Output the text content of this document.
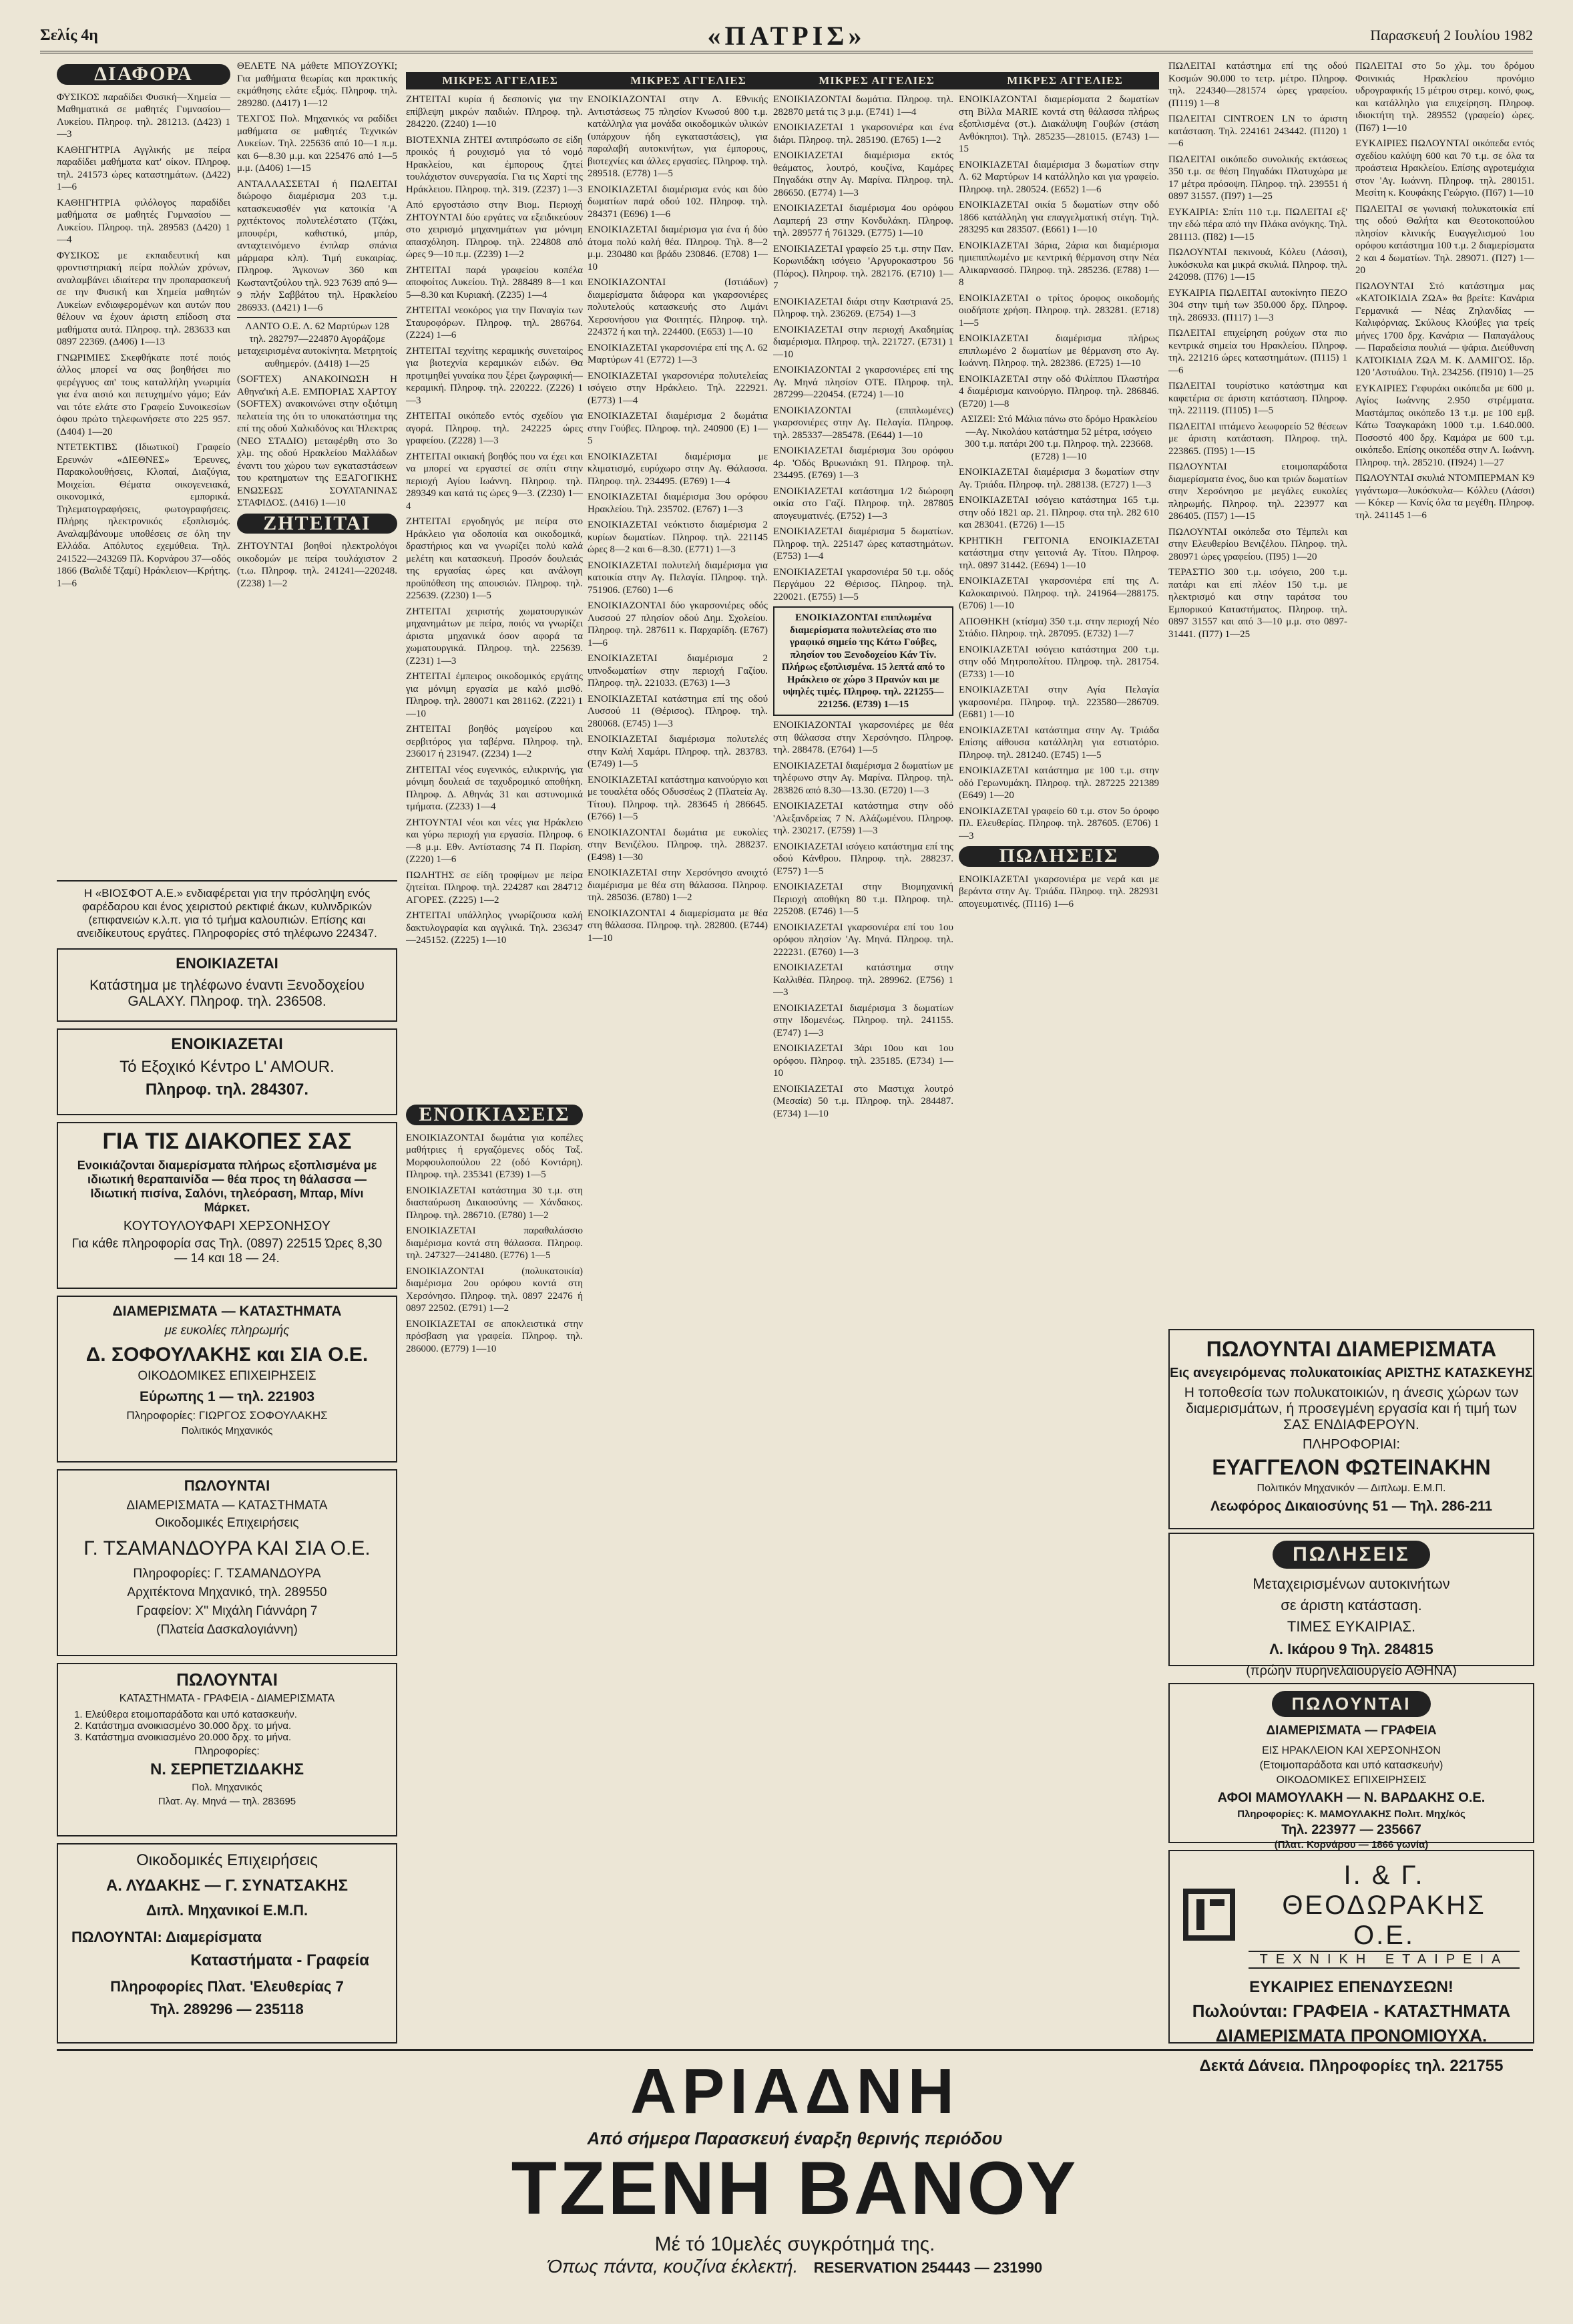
Σελίς 4η	«ΠΑΤΡΙΣ»	Παρασκευή 2 Ιουλίου 1982
ΜΙΚΡΕΣ ΑΓΓΕΛΙΕΣ	ΜΙΚΡΕΣ ΑΓΓΕΛΙΕΣ	ΜΙΚΡΕΣ ΑΓΓΕΛΙΕΣ	ΜΙΚΡΕΣ ΑΓΓΕΛΙΕΣ
ΔΙΑΦΟΡΑ

ΦΥΣΙΚΟΣ παραδίδει Φυσική—Χημεία —Μαθηματικά σε μαθητές Γυμνασίου—Λυκείου. Πληροφ. τηλ. 281213. (Δ423) 1—3

ΚΑΘΗΓΗΤΡΙΑ Αγγλικής με πείρα παραδίδει μαθήματα κατ' οίκον. Πληροφ. τηλ. 241573 ώρες καταστημάτων. (Δ422) 1—6

ΚΑΘΗΓΗΤΡΙΑ φιλόλογος παραδίδει μαθήματα σε μαθητές Γυμνασίου —Λυκείου. Πληροφ. τηλ. 289583 (Δ420) 1—4

ΦΥΣΙΚΟΣ με εκπαιδευτική και φροντιστηριακή πείρα πολλών χρόνων, αναλαμβάνει ιδιαίτερα την προπαρασκευή σε την Φυσική και Χημεία μαθητών Λυκείων ενδιαφερομένων και αυτών που θέλουν να έχουν άριστη επίδοση στα μαθήματα αυτά. Πληροφ. τηλ. 283633 και 0897 22369. (Δ406) 1—13

ΓΝΩΡΙΜΙΕΣ Σκεφθήκατε ποτέ ποιός άλλος μπορεί να σας βοηθήσει πιο φερέγγυος απ' τους καταλλήλη γνωριμία για ένα αισιό και πετυχημένο γάμο; Εάν ναι τότε ελάτε στο Γραφείο Συνοικεσίων όφου πρώτο τηλεφωνήσετε στο 225 957. (Δ404) 1—20

ΝΤΕΤΕΚΤΙΒΣ (Ιδιωτικοί) Γραφείο Ερευνών «ΔΙΕΘΝΕΣ» Έρευνες, Παρακολουθήσεις, Κλοπαί, Διαζύγια, Μοιχείαι. Θέματα οικογενειακά, οικονομικά, εμπορικά. Τηλεματογραφήσεις, φωτογραφήσεις. Πλήρης ηλεκτρονικός εξοπλισμός. Αναλαμβάνουμε υποθέσεις σε όλη την Ελλάδα. Απόλυτος εχεμύθεια. Τηλ. 241522—243269 Πλ. Κορνάρου 37—οδός 1866 (Βαλιδέ Τζαμί) Ηράκλειον—Κρήτης. 1—6

ΘΕΛΕΤΕ ΝΑ μάθετε ΜΠΟΥΖΟΥΚΙ; Για μαθήματα θεωρίας και πρακτικής εκμάθησης ελάτε εξμάς. Πληροφ. τηλ. 289280. (Δ417) 1—12

ΤΕΧΓΟΣ Πολ. Μηχανικός να ραδίδει μαθήματα σε μαθητές Τεχνικών Λυκείων. Τηλ. 225636 από 10—1 π.μ. και 6—8.30 μ.μ. και 225476 από 1—5 μ.μ. (Δ406) 1—15

ΑΝΤΑΛΛΑΣΣΕΤΑΙ ή ΠΩΛΕΙΤΑΙ διώροφο διαμέρισμα 203 τ.μ. κατασκευασθέν για κατοικία 'Α ρχιτέκτονος πολυτελέστατο (Τζάκι, μπουφέρι, καθιστικό, μπάρ, ανταχτεινόμενο ένπλαρ σπάνια μάρμαρα κλπ). Τιμή ευκαιρίας. Πληροφ. Άγκονων 360 και Κωσταντζούλου τηλ. 923 7639 από 9—9 πλήν Σαββάτου τηλ. Ηρακλείου 286933. (Δ421) 1—6

ΛΑΝΤΟ Ο.Ε. Λ. 62 Μαρτύρων 128 τηλ. 282797—224870 Αγοράζομε μεταχειρισμένα αυτοκίνητα. Μετρητοίς αυθημερόν. (Δ418) 1—25

(SOFTEX) ΑΝΑΚΟΙΝΩΣΗ Η Αθηνα'ική Α.Ε. ΕΜΠΟΡΙΑΣ ΧΑΡΤΟΥ (SOFTEX) ανακοινώνει στην οξιότιμη πελατεία της ότι το υποκατάστημα της επί της οδού Χαλκιδόνος και Ήλεκτρας (ΝΕΟ ΣΤΑΔΙΟ) μεταφέρθη στο 3ο χλμ. της οδού Ηρακλείου Μαλλάδων έναντι του χώρου των εγκαταστάσεων του κρατηματων της ΕΞΑΓΟΓΙΚΗΣ ΕΝΩΣΕΩΣ ΣΟΥΛΤΑΝΙΝΑΣ ΣΤΑΦΙΔΟΣ. (Δ416) 1—10

ΖΗΤΕΙΤΑΙ

ΖΗΤΟΥΝΤΑΙ βοηθοί ηλεκτρολόγοι οικοδομών με πείρα τουλάχιστον 2 (τ.ω. Πληροφ. τηλ. 241241—220248. (Z238) 1—2

Η «ΒΙΟΣΦΟΤ Α.Ε.» ενδιαφέρεται για την πρόσληψη ενός φαρέδαρου και ένος χειριστού ρεκτιφιέ άκων, κυλινδρικών (επιφανειών κ.λ.π. για τό τμήμα καλουπιών. Επίσης και ανειδίκευτους εργάτες. Πληροφορίες στό τηλέφωνο 224347.
ΕΝΟΙΚΙΑΖΕΤΑΙ
Κατάστημα με τηλέφωνο έναντι Ξενοδοχείου GALAXY. Πληροφ. τηλ. 236508.
ΕΝΟΙΚΙΑΖΕΤΑΙ
Τό Εξοχικό Κέντρο L' AMOUR.
Πληροφ. τηλ. 284307.
ΓΙΑ ΤΙΣ ΔΙΑΚΟΠΕΣ ΣΑΣ
Ενοικιάζονται διαμερίσματα πλήρως εξοπλισμένα με ιδιωτική θεραπαινίδα — θέα προς τη θάλασσα — Ιδιωτική πισίνα, Σαλόνι, τηλεόραση, Μπαρ, Μίνι Μάρκετ.
ΚΟΥΤΟΥΛΟΥΦΑΡΙ ΧΕΡΣΟΝΗΣΟΥ
Για κάθε πληροφορία σας Τηλ. (0897) 22515 Ώρες 8,30 — 14 και 18 — 24.
ΔΙΑΜΕΡΙΣΜΑΤΑ — ΚΑΤΑΣΤΗΜΑΤΑ
με ευκολίες πληρωμής
Δ. ΣΟΦΟΥΛΑΚΗΣ και ΣΙΑ Ο.Ε.
ΟΙΚΟΔΟΜΙΚΕΣ ΕΠΙΧΕΙΡΗΣΕΙΣ
Εύρωπης 1 — τηλ. 221903
Πληροφορίες: ΓΙΩΡΓΟΣ ΣΟΦΟΥΛΑΚΗΣ
Πολιτικός Μηχανικός
ΠΩΛΟΥΝΤΑΙ
ΔΙΑΜΕΡΙΣΜΑΤΑ — ΚΑΤΑΣΤΗΜΑΤΑ
Οικοδομικές Επιχειρήσεις
Γ. ΤΣΑΜΑΝΔΟΥΡΑ ΚΑΙ ΣΙΑ Ο.Ε.
Πληροφορίες: Γ. ΤΣΑΜΑΝΔΟΥΡΑ
Αρχιτέκτονα Μηχανικό, τηλ. 289550
Γραφείον: Χ'' Μιχάλη Γιάννάρη 7
(Πλατεία Δασκαλογιάννη)
ΠΩΛΟΥΝΤΑΙ
ΚΑΤΑΣΤΗΜΑΤΑ - ΓΡΑΦΕΙΑ - ΔΙΑΜΕΡΙΣΜΑΤΑ
1. Ελεύθερα ετοιμοπαράδοτα και υπό κατασκευήν.
2. Κατάστημα ανοικιασμένο 30.000 δρχ. το μήνα.
3. Κατάστημα ανοικιασμένο 20.000 δρχ. το μήνα.
Πληροφορίες:
Ν. ΣΕΡΠΕΤΖΙΔΑΚΗΣ
Πολ. Μηχανικός
Πλατ. Αγ. Μηνά — τηλ. 283695
Οικοδομικές Επιχειρήσεις
Α. ΛΥΔΑΚΗΣ — Γ. ΣΥΝΑΤΣΑΚΗΣ
Διπλ. Μηχανικοί Ε.Μ.Π.
ΠΩΛΟΥΝΤΑΙ: Διαμερίσματα
Καταστήματα - Γραφεία
Πληροφορίες Πλατ. 'Ελευθερίας 7
Τηλ. 289296 — 235118

ΖΗΤΕΙΤΑΙ κυρία ή δεσποινίς για την επίβλεψη μικρών παιδιών. Πληροφ. τηλ. 284220. (Z240) 1—10

ΒΙΟΤΕΧΝΙΑ ΖΗΤΕΙ αντιπρόσωπο σε είδη προικός ή ρουχισμό για τό νομό Ηρακλείου, και έμπορους ζητεί τουλάχιστον συνεργασία. Για τις Χαρτί της Ηράκλειου. Πληροφ. τηλ. 319. (Z237) 1—3

Από εργοστάσιο στην Βιομ. Περιοχή ΖΗΤΟΥΝΤΑΙ δύο εργάτες να εξειδικεύουν στο χειρισμό μηχανημάτων για μόνιμη απασχόληση. Πληροφ. τηλ. 224808 από ώρες 9—10 π.μ. (Z239) 1—2

ΖΗΤΕΙΤΑΙ παρά γραφείου κοπέλα αποφοίτος Λυκείου. Τηλ. 288489 8—1 και 5—8.30 και Κυριακή. (Z235) 1—4

ΖΗΤΕΙΤΑΙ νεοκόρος για την Παναγία των Σταυροφόρων. Πληροφ. τηλ. 286764. (Z224) 1—6

ΖΗΤΕΙΤΑΙ τεχνίτης κεραμικής συνεταίρος για βιοτεχνία κεραμικών ειδών. Θα προτιμηθεί γυναίκα που ξέρει ζωγραφική—κεραμική. Πληροφ. τηλ. 220222. (Z226) 1—3

ΖΗΤΕΙΤΑΙ οικόπεδο εντός σχεδίου για αγορά. Πληροφ. τηλ. 242225 ώρες γραφείου. (Z228) 1—3

ΖΗΤΕΙΤΑΙ οικιακή βοηθός που να έχει και να μπορεί να εργαστεί σε σπίτι στην περιοχή Αγίου Ιωάννη. Πληροφ. τηλ. 289349 και κατά τις ώρες 9—3. (Z230) 1—4

ΖΗΤΕΙΤΑΙ εργοδηγός με πείρα στο Ηράκλειο για οδοποιία και οικοδομικά, δραστήριος και να γνωρίζει πολύ καλά μελέτη και κατασκευή. Προσόν δουλειάς της εργασίας ώρες και ανάλογη προϋπόθεση της απουσιών. Πληροφ. τηλ. 225639. (Z230) 1—5

ΖΗΤΕΙΤΑΙ χειριστής χωματουργικών μηχανημάτων με πείρα, ποιός να γνωρίζει άριστα μηχανικά όσον αφορά τα χωματουργικά. Πληροφ. τηλ. 225639. (Z231) 1—3

ΖΗΤΕΙΤΑΙ έμπειρος οικοδομικός εργάτης για μόνιμη εργασία με καλό μισθό. Πληροφ. τηλ. 280071 και 281162. (Z221) 1—10

ΖΗΤΕΙΤΑΙ βοηθός μαγείρου και σερβιτόρος για ταβέρνα. Πληροφ. τηλ. 236017 ή 231947. (Z234) 1—2

ΖΗΤΕΙΤΑΙ νέος ευγενικός, ειλικρινής, για μόνιμη δουλειά σε ταχυδρομικό αποθήκη. Πληροφ. Δ. Αθηνάς 31 και αστυνομικά τμήματα. (Z233) 1—4

ΖΗΤΟΥΝΤΑΙ νέοι και νέες για Ηράκλειο και γύρω περιοχή για εργασία. Πληροφ. 6—8 μ.μ. Εθν. Αντίστασης 74 Π. Παρίση. (Z220) 1—6

ΠΩΛΗΤΗΣ σε είδη τροφίμων με πείρα ζητείται. Πληροφ. τηλ. 224287 και 284712 ΑΓΟΡΕΣ. (Z225) 1—2

ΖΗΤΕΙΤΑΙ υπάλληλος γνωρίζουσα καλή δακτυλογραφία και αγγλικά. Τηλ. 236347—245152. (Z225) 1—10

ΕΝΟΙΚΙΑΣΕΙΣ

ΕΝΟΙΚΙΑΖΟΝΤΑΙ δωμάτια για κοπέλες μαθήτριες ή εργαζόμενες οδός Ταξ. Μορφουλοπούλου 22 (οδό Κοντάρη). Πληροφ. τηλ. 235341 (Ε739) 1—5

ΕΝΟΙΚΙΑΖΕΤΑΙ κατάστημα 30 τ.μ. στη διασταύρωση Δικαιοσύνης — Χάνδακος. Πληροφ. τηλ. 286710. (Ε780) 1—2

ΕΝΟΙΚΙΑΖΕΤΑΙ παραθαλάσσιο διαμέρισμα κοντά στη θάλασσα. Πληροφ. τηλ. 247327—241480. (Ε776) 1—5

ΕΝΟΙΚΙΑΖΟΝΤΑΙ (πολυκατοικία) διαμέρισμα 2ου ορόφου κοντά στη Χερσόνησο. Πληροφ. τηλ. 0897 22476 ή 0897 22502. (Ε791) 1—2

ΕΝΟΙΚΙΑΖΕΤΑΙ σε αποκλειστικά στην πρόσβαση για γραφεία. Πληροφ. τηλ. 286000. (Ε779) 1—10

ΕΝΟΙΚΙΑΖΟΝΤΑΙ στην Λ. Εθνικής Αντιστάσεως 75 πλησίον Κνωσού 800 τ.μ. κατάλληλα για μονάδα οικοδομικών υλικών (υπάρχουν ήδη εγκαταστάσεις), για παραλαβή αυτοκινήτων, για έμπορους, βιοτεχνίες και άλλες εργασίες. Πληροφ. τηλ. 289518. (Ε778) 1—5

ΕΝΟΙΚΙΑΖΕΤΑΙ διαμέρισμα ενός και δύο δωματίων παρά οδού 102. Πληροφ. τηλ. 284371 (Ε696) 1—6

ΕΝΟΙΚΙΑΖΕΤΑΙ διαμέρισμα για ένα ή δύο άτομα πολύ καλή θέα. Πληροφ. Τηλ. 8—2 μ.μ. 230480 και βράδυ 230846. (Ε708) 1—10

ΕΝΟΙΚΙΑΖΟΝΤΑΙ (Ιστιάδων) διαμερίσματα διάφορα και γκαρσονιέρες πολυτελούς κατασκευής στο Λιμάνι Χερσονήσου για Φοιτητές. Πληροφ. τηλ. 224372 ή και τηλ. 224400. (Ε653) 1—10

ΕΝΟΙΚΙΑΖΕΤΑΙ γκαρσονιέρα επί της Λ. 62 Μαρτύρων 41 (Ε772) 1—3

ΕΝΟΙΚΙΑΖΕΤΑΙ γκαρσονιέρα πολυτελείας ισόγειο στην Ηράκλειο. Τηλ. 222921. (Ε773) 1—4

ΕΝΟΙΚΙΑΖΕΤΑΙ διαμέρισμα 2 δωμάτια στην Γούβες. Πληροφ. τηλ. 240900 (Ε) 1—5

ΕΝΟΙΚΙΑΖΕΤΑΙ διαμέρισμα με κλιματισμό, ευρύχωρο στην Αγ. Θάλασσα. Πληροφ. τηλ. 234495. (Ε769) 1—4

ΕΝΟΙΚΙΑΖΕΤΑΙ διαμέρισμα 3ου ορόφου Ηρακλείου. Τηλ. 235702. (Ε767) 1—3

ΕΝΟΙΚΙΑΖΕΤΑΙ νεόκτιστο διαμέρισμα 2 κυρίων δωματίων. Πληροφ. τηλ. 221145 ώρες 8—2 και 6—8.30. (Ε771) 1—3

ΕΝΟΙΚΙΑΖΕΤΑΙ πολυτελή διαμέρισμα για κατοικία στην Αγ. Πελαγία. Πληροφ. τηλ. 751906. (Ε760) 1—6

ΕΝΟΙΚΙΑΖΟΝΤΑΙ δύο γκαρσονιέρες οδός Λυσσού 27 πλησίον οδού Δημ. Σχολείου. Πληροφ. τηλ. 287611 κ. Παρχαρίδη. (Ε767) 1—6

ΕΝΟΙΚΙΑΖΕΤΑΙ διαμέρισμα 2 υπνοδωματίων στην περιοχή Γαζίου. Πληροφ. τηλ. 221033. (Ε763) 1—3

ΕΝΟΙΚΙΑΖΕΤΑΙ κατάστημα επί της οδού Λυσσού 11 (Θέρισος). Πληροφ. τηλ. 280068. (Ε745) 1—3

ΕΝΟΙΚΙΑΖΕΤΑΙ διαμέρισμα πολυτελές στην Καλή Χαμάρι. Πληροφ. τηλ. 283783. (Ε749) 1—5

ΕΝΟΙΚΙΑΖΕΤΑΙ κατάστημα καινούργιο και με τουαλέτα οδός Οδυσσέως 2 (Πλατεία Αγ. Τίτου). Πληροφ. τηλ. 283645 ή 286645. (Ε766) 1—5

ΕΝΟΙΚΙΑΖΟΝΤΑΙ δωμάτια με ευκολίες στην Βενιζέλου. Πληροφ. τηλ. 288237. (Ε498) 1—30

ΕΝΟΙΚΙΑΖΕΤΑΙ στην Χερσόνησο ανοιχτό διαμέρισμα με θέα στη θάλασσα. Πληροφ. τηλ. 285036. (Ε780) 1—2

ΕΝΟΙΚΙΑΖΟΝΤΑΙ 4 διαμερίσματα με θέα στη θάλασσα. Πληροφ. τηλ. 282800. (Ε744) 1—10

ΕΝΟΙΚΙΑΖΟΝΤΑΙ δωμάτια. Πληροφ. τηλ. 282870 μετά τις 3 μ.μ. (Ε741) 1—4

ΕΝΟΙΚΙΑΖΕΤΑΙ 1 γκαρσονιέρα και ένα διάρι. Πληροφ. τηλ. 285190. (Ε765) 1—2

ΕΝΟΙΚΙΑΖΕΤΑΙ διαμέρισμα εκτός θεάματος, λουτρό, κουζίνα, Καμάρες Πηγαδάκι στην Αγ. Μαρίνα. Πληροφ. τηλ. 286650. (Ε774) 1—3

ΕΝΟΙΚΙΑΖΕΤΑΙ διαμέρισμα 4ου ορόφου Λαμπερή 23 στην Κονδυλάκη. Πληροφ. τηλ. 289577 ή 761329. (Ε775) 1—10

ΕΝΟΙΚΙΑΖΕΤΑΙ γραφείο 25 τ.μ. στην Παν. Κορωνιδάκη ισόγειο 'Αργυροκαστρου 56 (Πάρος). Πληροφ. τηλ. 282176. (Ε710) 1—7

ΕΝΟΙΚΙΑΖΕΤΑΙ διάρι στην Καστριανά 25. Πληροφ. τηλ. 236269. (Ε754) 1—3

ΕΝΟΙΚΙΑΖΕΤΑΙ στην περιοχή Ακαδημίας διαμέρισμα. Πληροφ. τηλ. 221727. (Ε731) 1—10

ΕΝΟΙΚΙΑΖΟΝΤΑΙ 2 γκαρσονιέρες επί της Αγ. Μηνά πλησίον ΟΤΕ. Πληροφ. τηλ. 287299—220454. (Ε724) 1—10

ΕΝΟΙΚΙΑΖΟΝΤΑΙ (επιπλωμένες) γκαρσονιέρες στην Αγ. Πελαγία. Πληροφ. τηλ. 285337—285478. (Ε644) 1—10

ΕΝΟΙΚΙΑΖΕΤΑΙ διαμέρισμα 3ου ορόφου 4ρ. 'Οδός Βρυωνιάκη 91. Πληροφ. τηλ. 234495. (Ε769) 1—3

ΕΝΟΙΚΙΑΖΕΤΑΙ κατάστημα 1/2 διώροφη οικία στο Γαζί. Πληροφ. τηλ. 287805 απογευματινές. (Ε752) 1—3

ΕΝΟΙΚΙΑΖΕΤΑΙ διαμέρισμα 5 δωματίων. Πληροφ. τηλ. 225147 ώρες καταστημάτων. (Ε753) 1—4

ΕΝΟΙΚΙΑΖΕΤΑΙ γκαρσονιέρα 50 τ.μ. οδός Περγάμου 22 Θέρισος. Πληροφ. τηλ. 220021. (Ε755) 1—5

ΕΝΟΙΚΙΑΖΟΝΤΑΙ επιπλωμένα διαμερίσματα πολυτελείας στο πιο γραφικό σημείο της Κάτω Γούβες, πλησίον του Ξενοδοχείου Κάν Τίν. Πλήρως εξοπλισμένα. 15 λεπτά από το Ηράκλειο σε χώρο 3 Πρανών και με υψηλές τιμές. Πληροφ. τηλ. 221255—221256. (Ε739) 1—15

ΕΝΟΙΚΙΑΖΟΝΤΑΙ γκαρσονιέρες με θέα στη θάλασσα στην Χερσόνησο. Πληροφ. τηλ. 288478. (Ε764) 1—5

ΕΝΟΙΚΙΑΖΕΤΑΙ διαμέρισμα 2 δωματίων με τηλέφωνο στην Αγ. Μαρίνα. Πληροφ. τηλ. 283826 από 8.30—13.30. (Ε720) 1—3

ΕΝΟΙΚΙΑΖΕΤΑΙ κατάστημα στην οδό 'Αλεξανδρείας 7 Ν. Αλάζωμένου. Πληροφ. τηλ. 230217. (Ε759) 1—3

ΕΝΟΙΚΙΑΖΕΤΑΙ ισόγειο κατάστημα επί της οδού Κάνθρου. Πληροφ. τηλ. 288237. (Ε757) 1—5

ΕΝΟΙΚΙΑΖΕΤΑΙ στην Βιομηχανική Περιοχή αποθήκη 80 τ.μ. Πληροφ. τηλ. 225208. (Ε746) 1—5

ΕΝΟΙΚΙΑΖΕΤΑΙ γκαρσονιέρα επί του 1ου ορόφου πλησίον 'Αγ. Μηνά. Πληροφ. τηλ. 222231. (Ε760) 1—3

ΕΝΟΙΚΙΑΖΕΤΑΙ κατάστημα στην Καλλιθέα. Πληροφ. τηλ. 289962. (Ε756) 1—3

ΕΝΟΙΚΙΑΖΕΤΑΙ διαμέρισμα 3 δωματίων στην Ιδομενέως. Πληροφ. τηλ. 241155. (Ε747) 1—3

ΕΝΟΙΚΙΑΖΕΤΑΙ 3άρι 10ου και 1ου ορόφου. Πληροφ. τηλ. 235185. (Ε734) 1—10

ΕΝΟΙΚΙΑΖΕΤΑΙ στο Μαστιχα λουτρό (Μεσαία) 50 τ.μ. Πληροφ. τηλ. 284487. (Ε734) 1—10

ΕΝΟΙΚΙΑΖΟΝΤΑΙ διαμερίσματα 2 δωματίων στη Βίλλα MARIE κοντά στη θάλασσα πλήρως εξοπλισμένα (στ.). Διακάλυψη Γουβών (στάση Ανθόκηποι). Τηλ. 285235—281015. (Ε743) 1—15

ΕΝΟΙΚΙΑΖΕΤΑΙ διαμέρισμα 3 δωματίων στην Λ. 62 Μαρτύρων 14 κατάλληλο και για γραφείο. Πληροφ. τηλ. 280524. (Ε652) 1—6

ΕΝΟΙΚΙΑΖΕΤΑΙ οικία 5 δωματίων στην οδό 1866 κατάλληλη για επαγγελματική στέγη. Τηλ. 283295 και 283507. (Ε661) 1—10

ΕΝΟΙΚΙΑΖΕΤΑΙ 3άρια, 2άρια και διαμέρισμα ημιεπιπλωμένο με κεντρική θέρμανση στην Νέα Αλικαρνασσό. Πληροφ. τηλ. 285236. (Ε788) 1—8

ΕΝΟΙΚΙΑΖΕΤΑΙ ο τρίτος όροφος οικοδομής οιοδήποτε χρήση. Πληροφ. τηλ. 283281. (Ε718) 1—5

ΕΝΟΙΚΙΑΖΕΤΑΙ διαμέρισμα πλήρως επιπλωμένο 2 δωματίων με θέρμανση στο Αγ. Ιωάννη. Πληροφ. τηλ. 282386. (Ε725) 1—10

ΕΝΟΙΚΙΑΖΕΤΑΙ στην οδό Φιλίππου Πλαστήρα 4 διαμέρισμα καινούργιο. Πληροφ. τηλ. 286846. (Ε720) 1—8

ΑΣΙΖΕΙ: Στό Μάλια πάνω στο δρόμο Ηρακλείου—Αγ. Νικολάου κατάστημα 52 μέτρα, ισόγειο 300 τ.μ. πατάρι 200 τ.μ. Πληροφ. τηλ. 223668. (Ε728) 1—10

ΕΝΟΙΚΙΑΖΕΤΑΙ διαμέρισμα 3 δωματίων στην Αγ. Τριάδα. Πληροφ. τηλ. 288138. (Ε727) 1—3

ΕΝΟΙΚΙΑΖΕΤΑΙ ισόγειο κατάστημα 165 τ.μ. στην οδό 1821 αρ. 21. Πληροφ. στα τηλ. 282 610 και 283041. (Ε726) 1—15

ΚΡΗΤΙΚΗ ΓΕΙΤΟΝΙΑ ΕΝΟΙΚΙΑΖΕΤΑΙ κατάστημα στην γειτονιά Αγ. Τίτου. Πληροφ. τηλ. 0897 31442. (Ε694) 1—10

ΕΝΟΙΚΙΑΖΕΤΑΙ γκαρσονιέρα επί της Λ. Καλοκαιρινού. Πληροφ. τηλ. 241964—288175. (Ε706) 1—10

ΑΠΟΘΗΚΗ (κτίσμα) 350 τ.μ. στην περιοχή Νέο Στάδιο. Πληροφ. τηλ. 287095. (Ε732) 1—7

ΕΝΟΙΚΙΑΖΕΤΑΙ ισόγειο κατάστημα 200 τ.μ. στην οδό Μητροπολίτου. Πληροφ. τηλ. 281754. (Ε733) 1—10

ΕΝΟΙΚΙΑΖΕΤΑΙ στην Αγία Πελαγία γκαρσονιέρα. Πληροφ. τηλ. 223580—286709. (Ε681) 1—10

ΕΝΟΙΚΙΑΖΕΤΑΙ κατάστημα στην Αγ. Τριάδα Επίσης αίθουσα κατάλληλη για εστιατόριο. Πληροφ. τηλ. 281240. (Ε745) 1—5

ΕΝΟΙΚΙΑΖΕΤΑΙ κατάστημα με 100 τ.μ. στην οδό Γερωνυμάκη. Πληροφ. τηλ. 287225 221389 (Ε649) 1—20

ΕΝΟΙΚΙΑΖΕΤΑΙ γραφείο 60 τ.μ. στον 5ο όροφο Πλ. Ελευθερίας. Πληροφ. τηλ. 287605. (Ε706) 1—3

ΠΩΛΗΣΕΙΣ

ΕΝΟΙΚΙΑΖΕΤΑΙ γκαρσονιέρα με νερά και με βεράντα στην Αγ. Τριάδα. Πληροφ. τηλ. 282931 απογευματινές. (Π116) 1—6

ΠΩΛΕΙΤΑΙ κατάστημα επί της οδού Κοσμών 90.000 το τετρ. μέτρο. Πληροφ. τηλ. 224340—281574 ώρες γραφείου. (Π119) 1—8

ΠΩΛΕΙΤΑΙ CINTROEN LN το άριστη κατάσταση. Τηλ. 224161 243442. (Π120) 1—6

ΠΩΛΕΙΤΑΙ οικόπεδο συνολικής εκτάσεως 350 τ.μ. σε θέση Πηγαδάκι Πλατυχώρα με 17 μέτρα πρόσοψη. Πληροφ. τηλ. 239551 ή 0897 31557. (Π97) 1—25

ΕΥΚΑΙΡΙΑ: Σπίτι 110 τ.μ. ΠΩΛΕΙΤΑΙ εξ' την εδώ πέρα από την Πλάκα ανόγκης. Τηλ. 281113. (Π82) 1—15

ΠΩΛΟΥΝΤΑΙ πεκινουά, Κόλευ (Λάσσι), λυκόσκυλα και μικρά σκυλιά. Πληροφ. τηλ. 242098. (Π76) 1—15

ΕΥΚΑΙΡΙΑ ΠΩΛΕΙΤΑΙ αυτοκίνητο ΠΕΖΟ 304 στην τιμή των 350.000 δρχ. Πληροφ. τηλ. 286933. (Π117) 1—3

ΠΩΛΕΙΤΑΙ επιχείρηση ρούχων στα πιο κεντρικά σημεία του Ηρακλείου. Πληροφ. τηλ. 221216 ώρες καταστημάτων. (Π115) 1—6

ΠΩΛΕΙΤΑΙ τουρίστικο κατάστημα και καφετέρια σε άριστη κατάσταση. Πληροφ. τηλ. 221119. (Π105) 1—5

ΠΩΛΕΙΤΑΙ ιπτάμενο λεωφορείο 52 θέσεων με άριστη κατάσταση. Πληροφ. τηλ. 223865. (Π95) 1—15

ΠΩΛΟΥΝΤΑΙ ετοιμοπαράδοτα διαμερίσματα ένος, δυο και τριών δωματίων στην Χερσόνησο με μεγάλες ευκολίες πληρωμής. Πληροφ. τηλ. 223977 και 286405. (Π57) 1—15

ΠΩΛΟΥΝΤΑΙ οικόπεδα στο Τέμπελι και στην Ελευθερίου Βενιζέλου. Πληροφ. τηλ. 280971 ώρες γραφείου. (Π95) 1—20

ΤΕΡΑΣΤΙΟ 300 τ.μ. ισόγειο, 200 τ.μ. πατάρι και επί πλέον 150 τ.μ. με ηλεκτρισμό και στην ταράτσα του Εμπορικού Καταστήματος. Πληροφ. τηλ. 0897 31557 και από 3—10 μ.μ. στο 0897-31441. (Π77) 1—25

ΠΩΛΕΙΤΑΙ στο 5ο χλμ. του δρόμου Φοινικιάς Ηρακλείου προνόμιο υδρογραφικής 15 μέτρου στρεμ. κοινό, φως, και κατάλληλο για επιχείρηση. Πληροφ. ιδιοκτήτη τηλ. 289552 (γραφείο) ώρες. (Π67) 1—10

ΕΥΚΑΙΡΙΕΣ ΠΩΛΟΥΝΤΑΙ οικόπεδα εντός σχεδίου καλύψη 600 και 70 τ.μ. σε όλα τα προάστεια Ηρακλείου. Επίσης αγροτεμάχια στον 'Αγ. Ιωάννη. Πληροφ. τηλ. 280151. Μεσίτη κ. Κουφάκης Γεώργιο. (Π67) 1—10

ΠΩΛΕΙΤΑΙ σε γωνιακή πολυκατοικία επί της οδού Θαλήτα και Θεοτοκοπούλου πλησίον κλινικής Ευαγγελισμού 1ου ορόφου κατάστημα 100 τ.μ. 2 διαμερίσματα 2 και 4 δωματίων. Τηλ. 289071. (Π27) 1—20

ΠΩΛΟΥΝΤΑΙ Στό κατάστημα μας «ΚΑΤΟΙΚΙΔΙΑ ΖΩΑ» θα βρείτε: Κανάρια Γερμανικά — Νέας Ζηλανδίας — Καλιφόρνιας. Σκύλους Κλούβες για τρείς μήνες 1700 δρχ. Κανάρια — Παπαγάλους — Παραδείσια πουλιά — ψάρια. Διεύθυνση ΚΑΤΟΙΚΙΔΙΑ ΖΩΑ Μ. Κ. ΔΑΜΙΓΟΣ. Ιδρ. 120 'Αστυάλου. Τηλ. 234256. (Π910) 1—25

ΕΥΚΑΙΡΙΕΣ Γεφυράκι οικόπεδα με 600 μ. Αγίος Ιωάννης 2.950 στρέμματα. Μαστάμπας οικόπεδο 13 τ.μ. με 100 εμβ. Κάτω Τσαγκαράκη 1000 τ.μ. 1.640.000. Ποσοστό 400 δρχ. Καμάρα με 600 τ.μ. οικόπεδο. Επίσης οικοπέδα στην Λ. Ιωάννη. Πληροφ. τηλ. 285210. (Π924) 1—27

ΠΩΛΟΥΝΤΑΙ σκυλιά ΝΤΟΜΠΕΡΜΑΝ Κ9 γιγάντωμα—λυκόσκυλα— Κόλλευ (Λάσσι) — Κόκερ — Κανίς όλα τα μεγέθη. Πληροφ. τηλ. 241145 1—6

ΠΩΛΟΥΝΤΑΙ ΔΙΑΜΕΡΙΣΜΑΤΑ
Εις ανεγειρόμενας πολυκατοικίας ΑΡΙΣΤΗΣ ΚΑΤΑΣΚΕΥΗΣ
Η τοποθεσία των πολυκατοικιών, η άνεσις χώρων των διαμερισμάτων, ή προσεγμένη εργασία και ή τιμή των ΣΑΣ ΕΝΔΙΑΦΕΡΟΥΝ.
ΠΛΗΡΟΦΟΡΙΑΙ:
ΕΥΑΓΓΕΛΟΝ ΦΩΤΕΙΝΑΚΗΝ
Πολιτικόν Μηχανικόν — Διπλωμ. Ε.Μ.Π.
Λεωφόρος Δικαιοσύνης 51 — Τηλ. 286-211
ΠΩΛΗΣΕΙΣ
Μεταχειρισμένων αυτοκινήτων
σε άριστη κατάσταση.
ΤΙΜΕΣ ΕΥΚΑΙΡΙΑΣ.
Λ. Ικάρου 9 Τηλ. 284815
(πρώην πυρηνελαιουργείο ΑΘΗΝΑ)
ΠΩΛΟΥΝΤΑΙ
ΔΙΑΜΕΡΙΣΜΑΤΑ — ΓΡΑΦΕΙΑ
ΕΙΣ ΗΡΑΚΛΕΙΟΝ ΚΑΙ ΧΕΡΣΟΝΗΣΟΝ
(Ετοιμοπαράδοτα και υπό κατασκευήν)
ΟΙΚΟΔΟΜΙΚΕΣ ΕΠΙΧΕΙΡΗΣΕΙΣ
ΑΦΟΙ ΜΑΜΟΥΛΑΚΗ — Ν. ΒΑΡΔΑΚΗΣ Ο.Ε.
Πληροφορίες: Κ. ΜΑΜΟΥΛΑΚΗΣ Πολιτ. Μηχ/κός
Τηλ. 223977 — 235667
(Πλατ. Κορνάρου — 1866 γωνία)
Ι. & Γ. ΘΕΟΔΩΡΑΚΗΣ Ο.Ε.
ΤΕΧΝΙΚΗ ΕΤΑΙΡΕΙΑ
ΕΥΚΑΙΡΙΕΣ ΕΠΕΝΔΥΣΕΩΝ!
Πωλούνται: ΓΡΑΦΕΙΑ - ΚΑΤΑΣΤΗΜΑΤΑ
ΔΙΑΜΕΡΙΣΜΑΤΑ ΠΡΟΝΟΜΙΟΥΧΑ.
Δεκτά Δάνεια. Πληροφορίες τηλ. 221755
ΑΡΙΑΔΝΗ
Από σήμερα Παρασκευή έναρξη θερινής περιόδου
ΤΖΕΝΗ ΒΑΝΟΥ
Μέ τό 10μελές συγκρότημά της.
Όπως πάντα, κουζίνα έκλεκτή. RESERVATION 254443 — 231990
